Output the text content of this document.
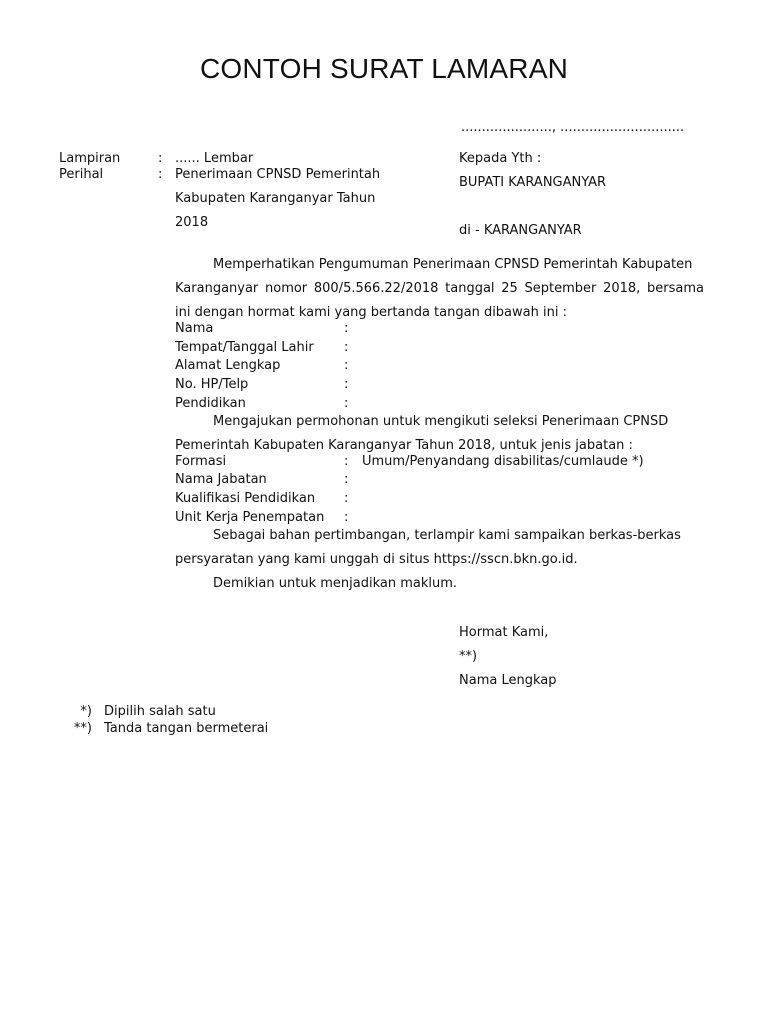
CONTOH SURAT LAMARAN
......................, ..............................
Lampiran	: ...... Lembar
Perihal	: Penerimaan CPNSD Pemerintah
Kabupaten Karanganyar Tahun
2018
Kepada Yth :
BUPATI KARANGANYAR
di - KARANGANYAR
Memperhatikan Pengumuman Penerimaan CPNSD Pemerintah Kabupaten
Karanganyar nomor 800/5.566.22/2018 tanggal 25 September 2018, bersama
ini dengan hormat kami yang bertanda tangan dibawah ini :
Nama	:
Tempat/Tanggal Lahir :
Alamat Lengkap	:
No. HP/Telp	:
Pendidikan	:
Mengajukan permohonan untuk mengikuti seleksi Penerimaan CPNSD
Pemerintah Kabupaten Karanganyar Tahun 2018, untuk jenis jabatan :
Formasi	: Umum/Penyandang disabilitas/cumlaude *)
Nama Jabatan	:
Kualifikasi Pendidikan :
Unit Kerja Penempatan :
Sebagai bahan pertimbangan, terlampir kami sampaikan berkas-berkas
persyaratan yang kami unggah di situs https://sscn.bkn.go.id.
Demikian untuk menjadikan maklum.
Hormat Kami,
**)
Nama Lengkap
*) Dipilih salah satu
**) Tanda tangan bermeterai
